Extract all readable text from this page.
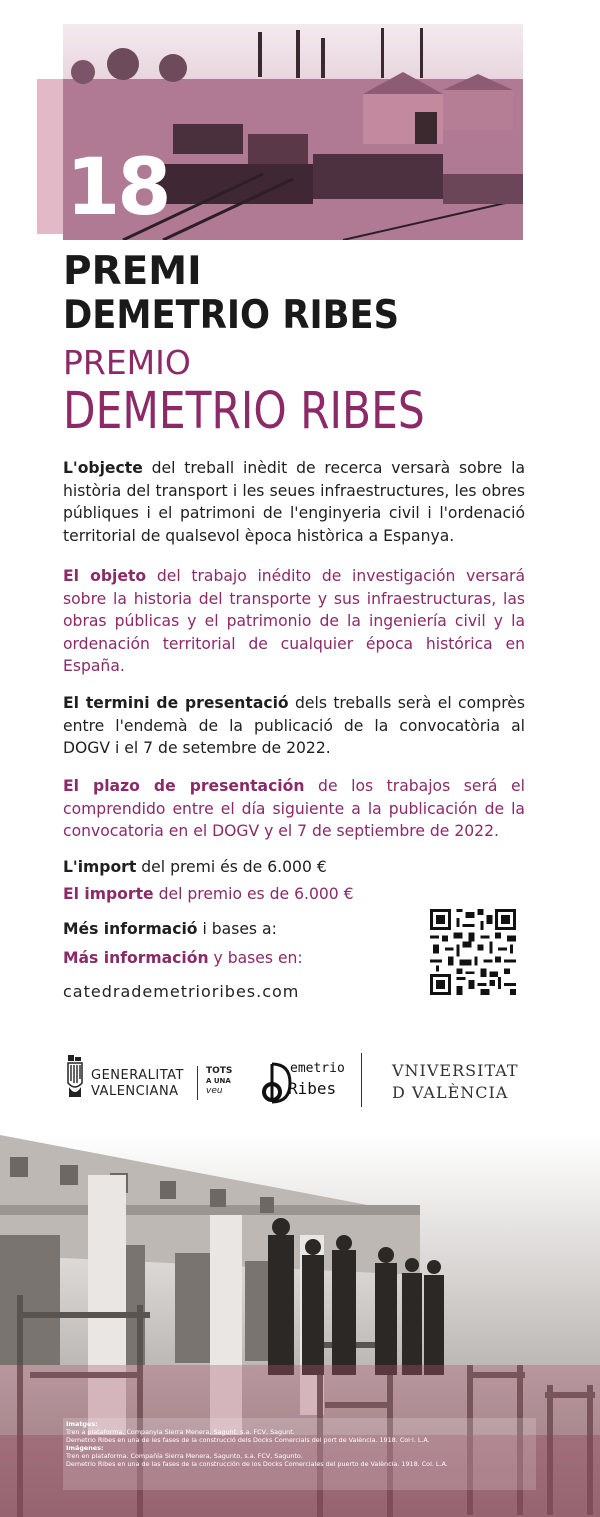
18
PREMI
DEMETRIO RIBES
PREMIO
DEMETRIO RIBES
L'objecte del treball inèdit de recerca versarà sobre la història del transport i les seues infraestructures, les obres públiques i el patrimoni de l'enginyeria civil i l'ordenació territorial de qualsevol època històrica a Espanya.
El objeto del trabajo inédito de investigación versará sobre la historia del transporte y sus infraestructuras, las obras públicas y el patrimonio de la ingeniería civil y la ordenación territorial de cualquier época histórica en España.
El termini de presentació dels treballs serà el comprès entre l'endemà de la publicació de la convocatòria al DOGV i el 7 de setembre de 2022.
El plazo de presentación de los trabajos será el comprendido entre el día siguiente a la publicación de la convocatoria en el DOGV y el 7 de septiembre de 2022.
L'import del premi és de 6.000 €
El importe del premio es de 6.000 €
Més informació i bases a:
Más información y bases en:
catedrademetrioribes.com
GENERALITAT
VALENCIANA
TOTS
A UNA
veu
emetrio
Ribes
VNIVERSITAT
D VALÈNCIA
Imatges:
Tren a plataforma. Companyia Sierra Menera, Sagunt, s.a. FCV, Sagunt.
Demetrio Ribes en una de les fases de la construcció dels Docks Comercials del port de València. 1918. Col·l. L.A.
Imágenes:
Tren en plataforma. Compañía Sierra Menera, Sagunto, s.a. FCV, Sagunto.
Demetrio Ribes en una de las fases de la construcción de los Docks Comerciales del puerto de València. 1918. Col. L.A.
